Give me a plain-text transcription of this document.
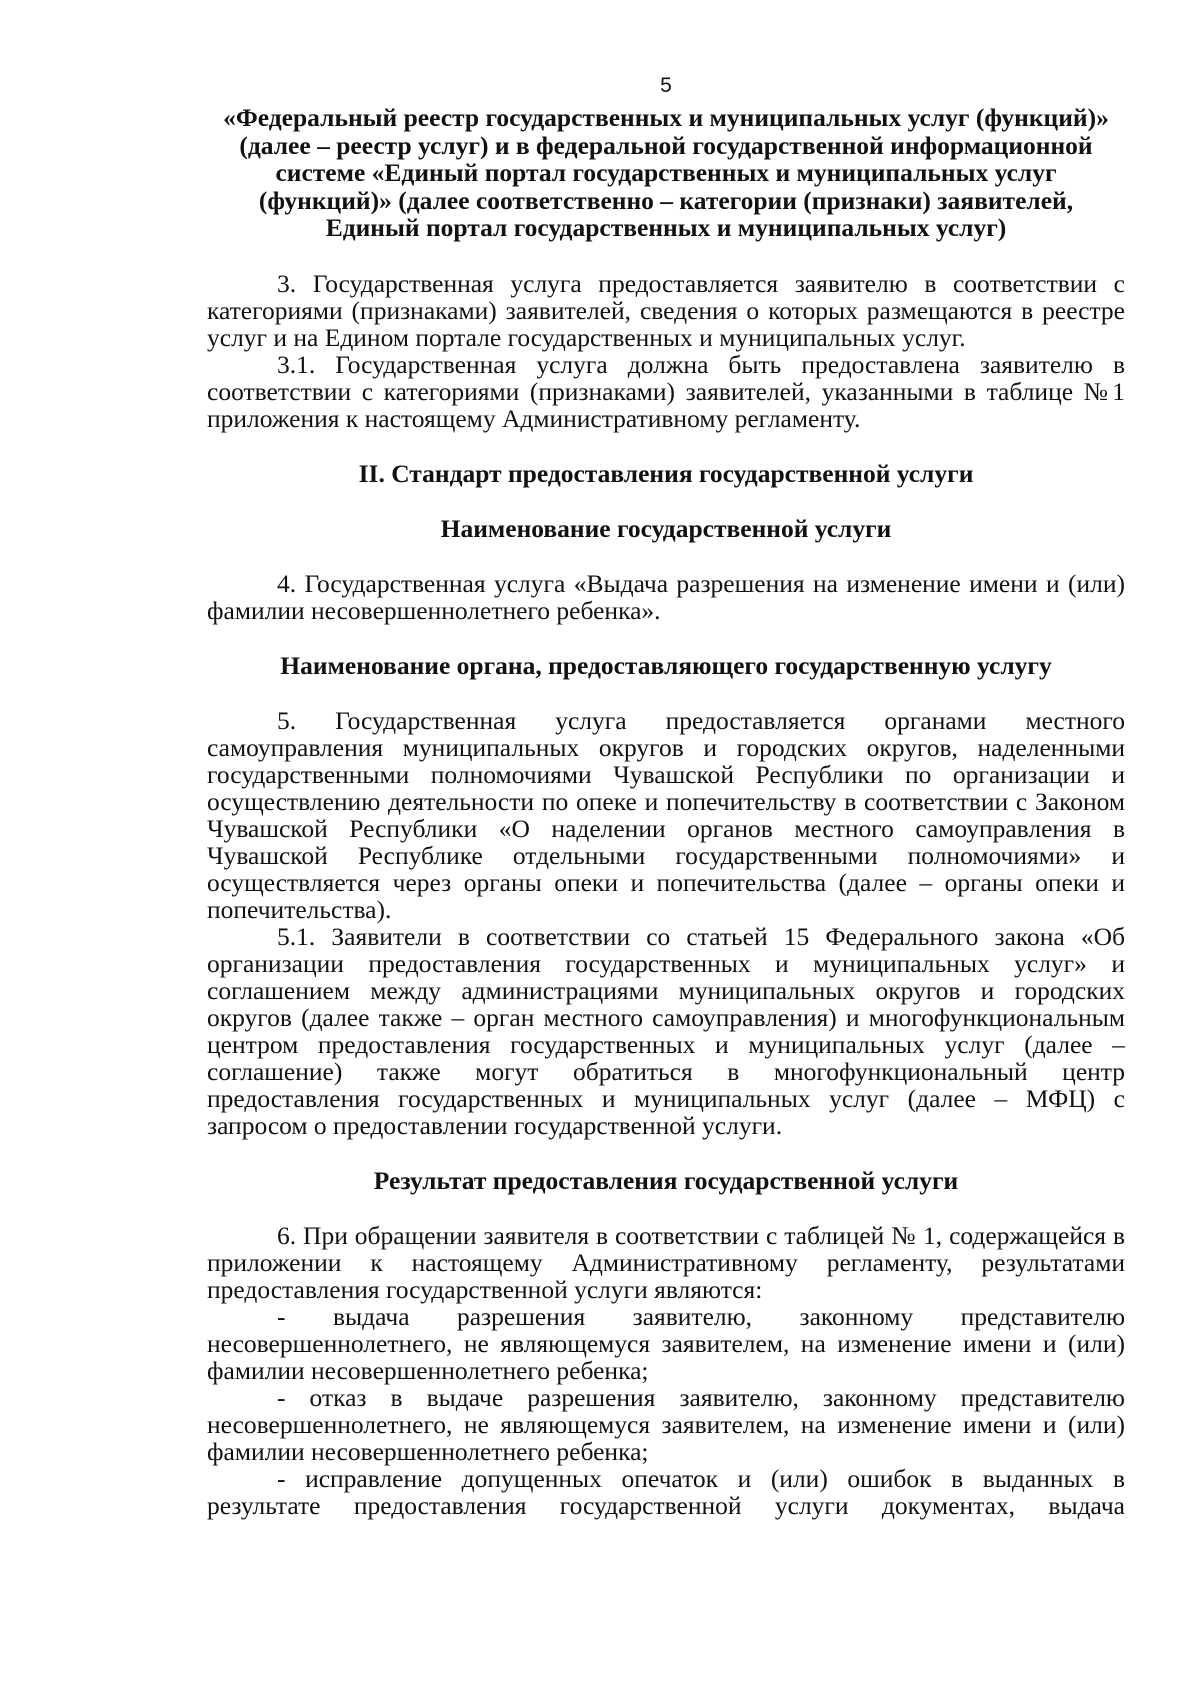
5
«Федеральный реестр государственных и муниципальных услуг (функций)»
(далее – реестр услуг) и в федеральной государственной информационной
системе «Единый портал государственных и муниципальных услуг
(функций)» (далее соответственно – категории (признаки) заявителей,
Единый портал государственных и муниципальных услуг)

3. Государственная услуга предоставляется заявителю в соответствии с категориями (признаками) заявителей, сведения о которых размещаются в реестре услуг и на Едином портале государственных и муниципальных услуг.

3.1. Государственная услуга должна быть предоставлена заявителю в соответствии с категориями (признаками) заявителей, указанными в таблице №1 приложения к настоящему Административному регламенту.

II. Стандарт предоставления государственной услуги
Наименование государственной услуги

4. Государственная услуга «Выдача разрешения на изменение имени и (или) фамилии несовершеннолетнего ребенка».

Наименование органа, предоставляющего государственную услугу

5. Государственная услуга предоставляется органами местного самоуправления муниципальных округов и городских округов, наделенными государственными полномочиями Чувашской Республики по организации и осуществлению деятельности по опеке и попечительству в соответствии с Законом Чувашской Республики «О наделении органов местного самоуправления в Чувашской Республике отдельными государственными полномочиями» и осуществляется через органы опеки и попечительства (далее – органы опеки и попечительства).

5.1. Заявители в соответствии со статьей 15 Федерального закона «Об организации предоставления государственных и муниципальных услуг» и соглашением между администрациями муниципальных округов и городских округов (далее также – орган местного самоуправления) и многофункциональным центром предоставления государственных и муниципальных услуг (далее – соглашение) также могут обратиться в многофункциональный центр предоставления государственных и муниципальных услуг (далее – МФЦ) с запросом о предоставлении государственной услуги.

Результат предоставления государственной услуги

6. При обращении заявителя в соответствии с таблицей № 1, содержащейся в приложении к настоящему Административному регламенту, результатами предоставления государственной услуги являются:

- выдача разрешения заявителю, законному представителю несовершеннолетнего, не являющемуся заявителем, на изменение имени и (или) фамилии несовершеннолетнего ребенка;

- отказ в выдаче разрешения заявителю, законному представителю несовершеннолетнего, не являющемуся заявителем, на изменение имени и (или) фамилии несовершеннолетнего ребенка;

- исправление допущенных опечаток и (или) ошибок в выданных в результате предоставления государственной услуги документах, выдача
